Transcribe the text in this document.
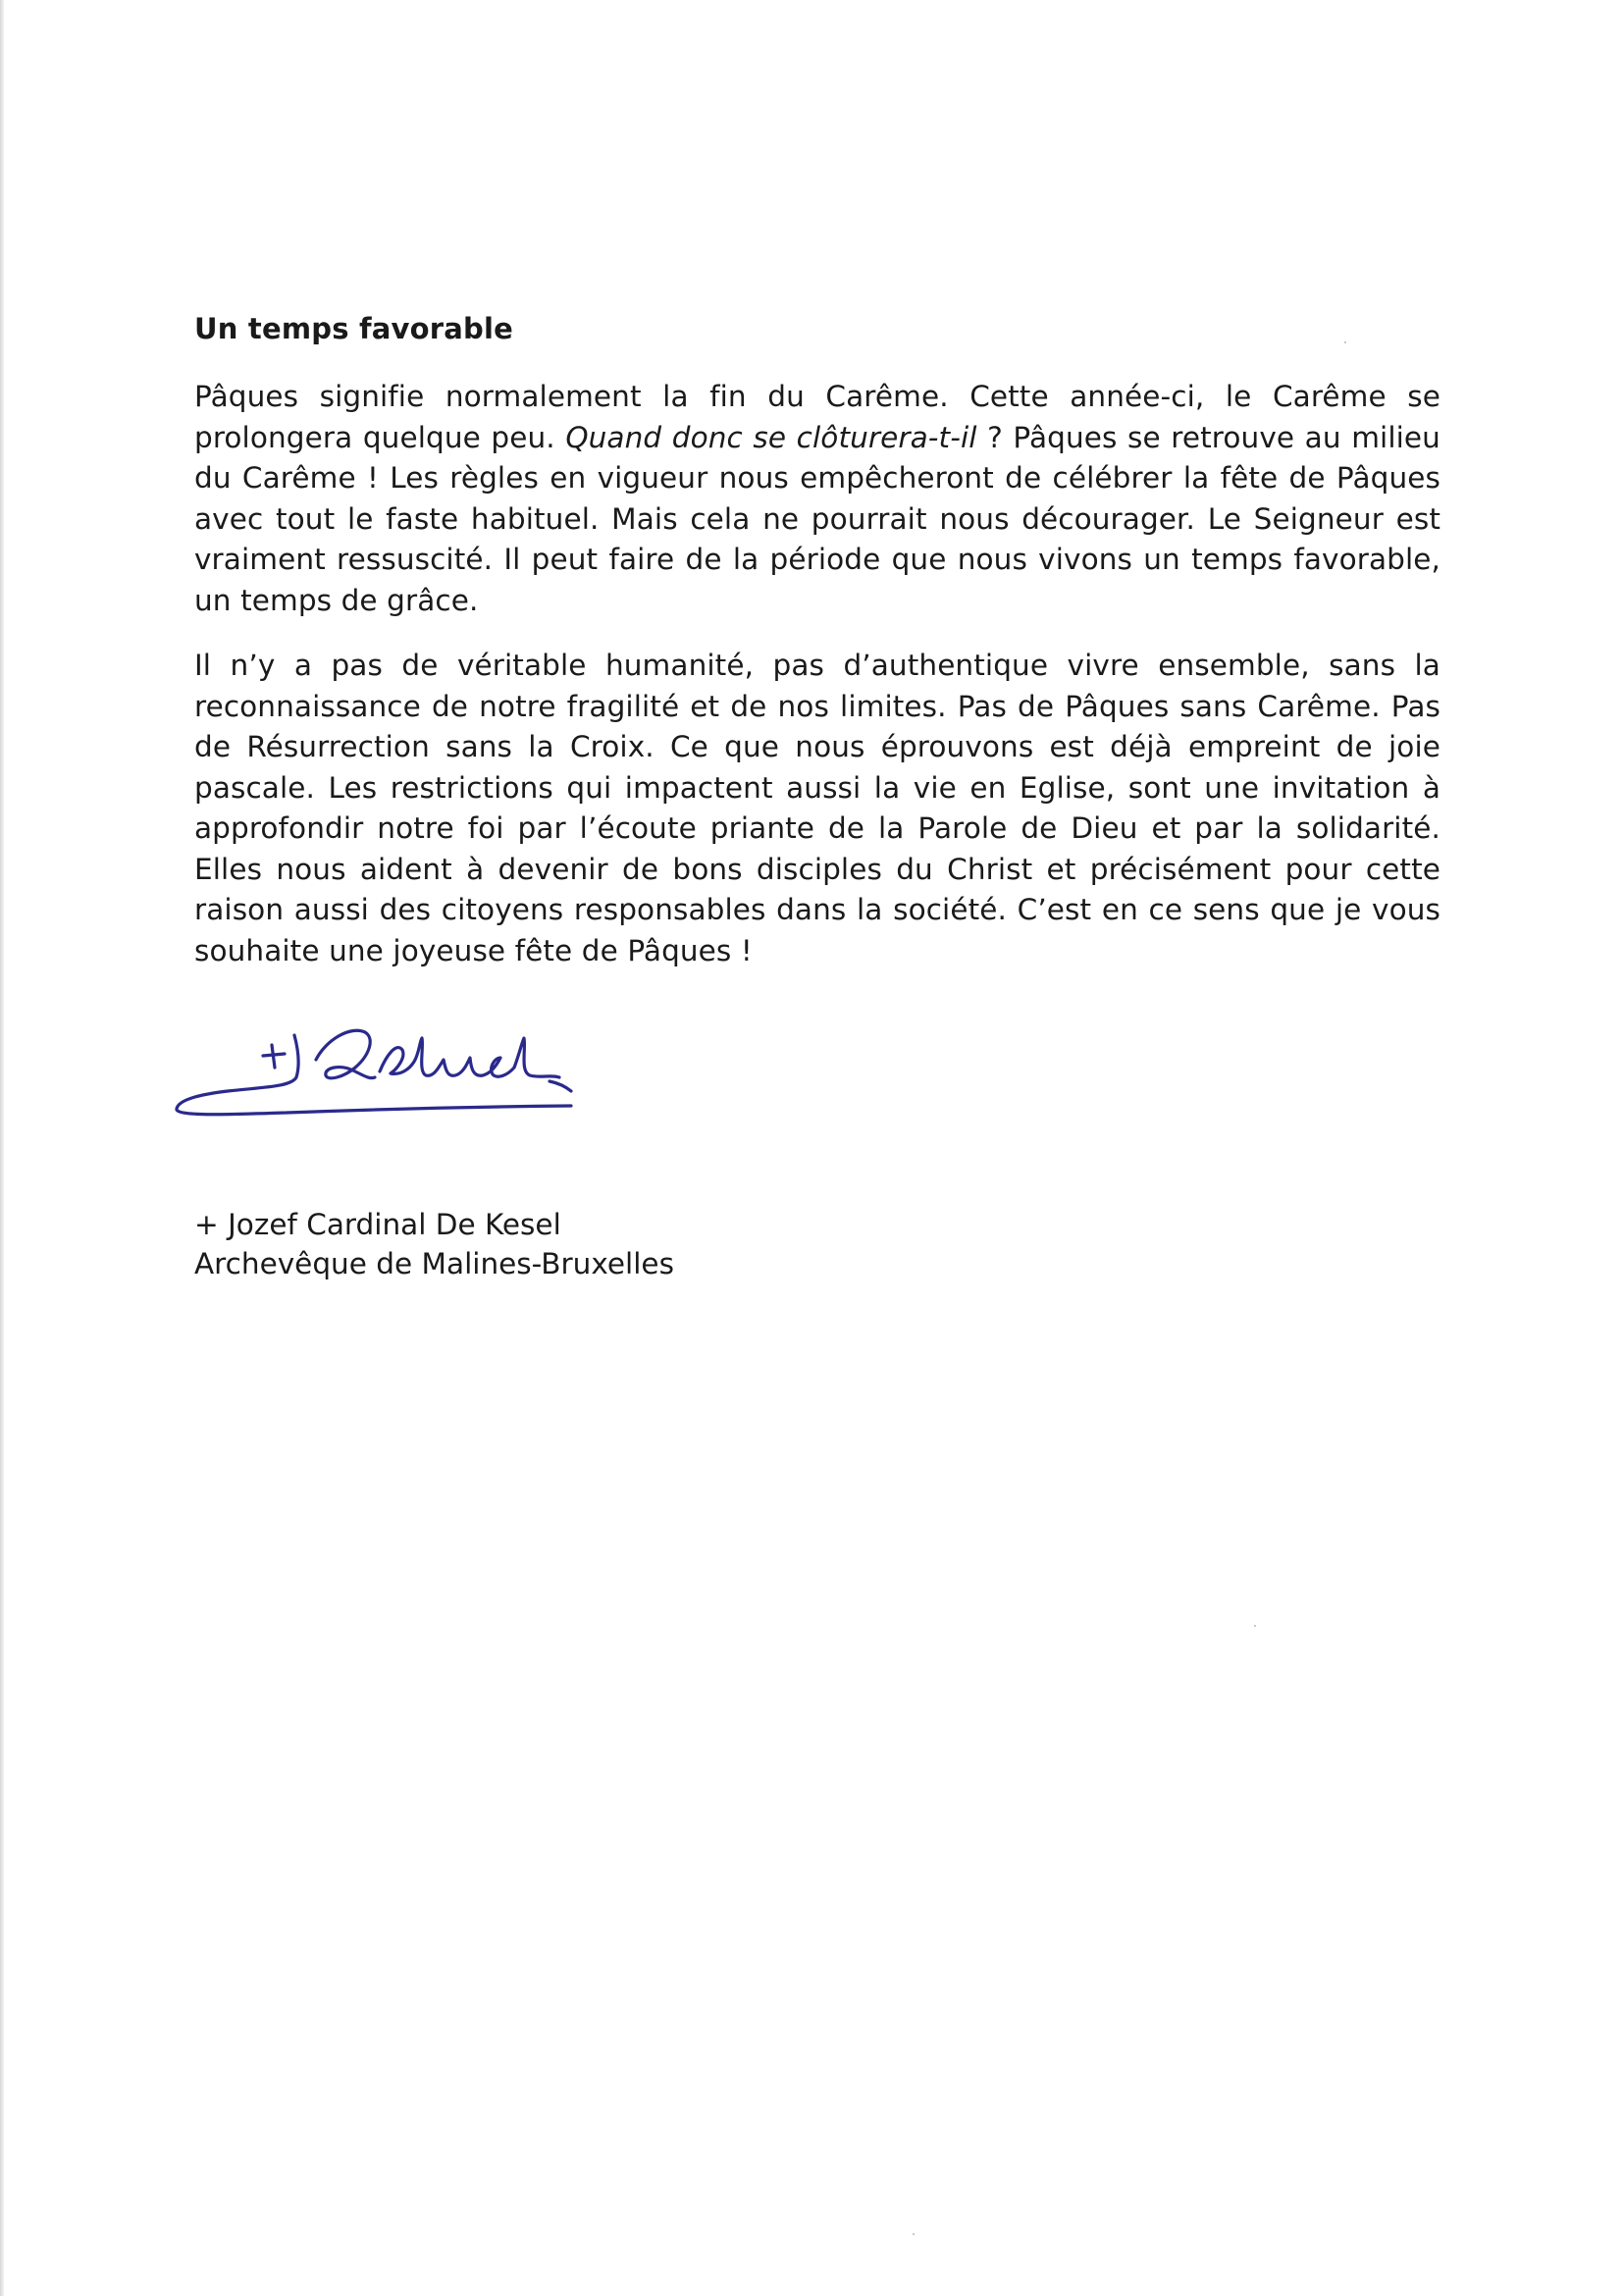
Un temps favorable

Pâques signifie normalement la fin du Carême. Cette année-ci, le Carême se prolongera quelque peu. Quand donc se clôturera-t-il ? Pâques se retrouve au milieu du Carême ! Les règles en vigueur nous empêcheront de célébrer la fête de Pâques avec tout le faste habituel. Mais cela ne pourrait nous décourager. Le Seigneur est vraiment ressuscité. Il peut faire de la période que nous vivons un temps favorable, un temps de grâce.

Il n’y a pas de véritable humanité, pas d’authentique vivre ensemble, sans la reconnaissance de notre fragilité et de nos limites. Pas de Pâques sans Carême. Pas de Résurrection sans la Croix. Ce que nous éprouvons est déjà empreint de joie pascale. Les restrictions qui impactent aussi la vie en Eglise, sont une invitation à approfondir notre foi par l’écoute priante de la Parole de Dieu et par la solidarité. Elles nous aident à devenir de bons disciples du Christ et précisément pour cette raison aussi des citoyens responsables dans la société. C’est en ce sens que je vous souhaite une joyeuse fête de Pâques !

+ Jozef Cardinal De Kesel
Archevêque de Malines-Bruxelles
